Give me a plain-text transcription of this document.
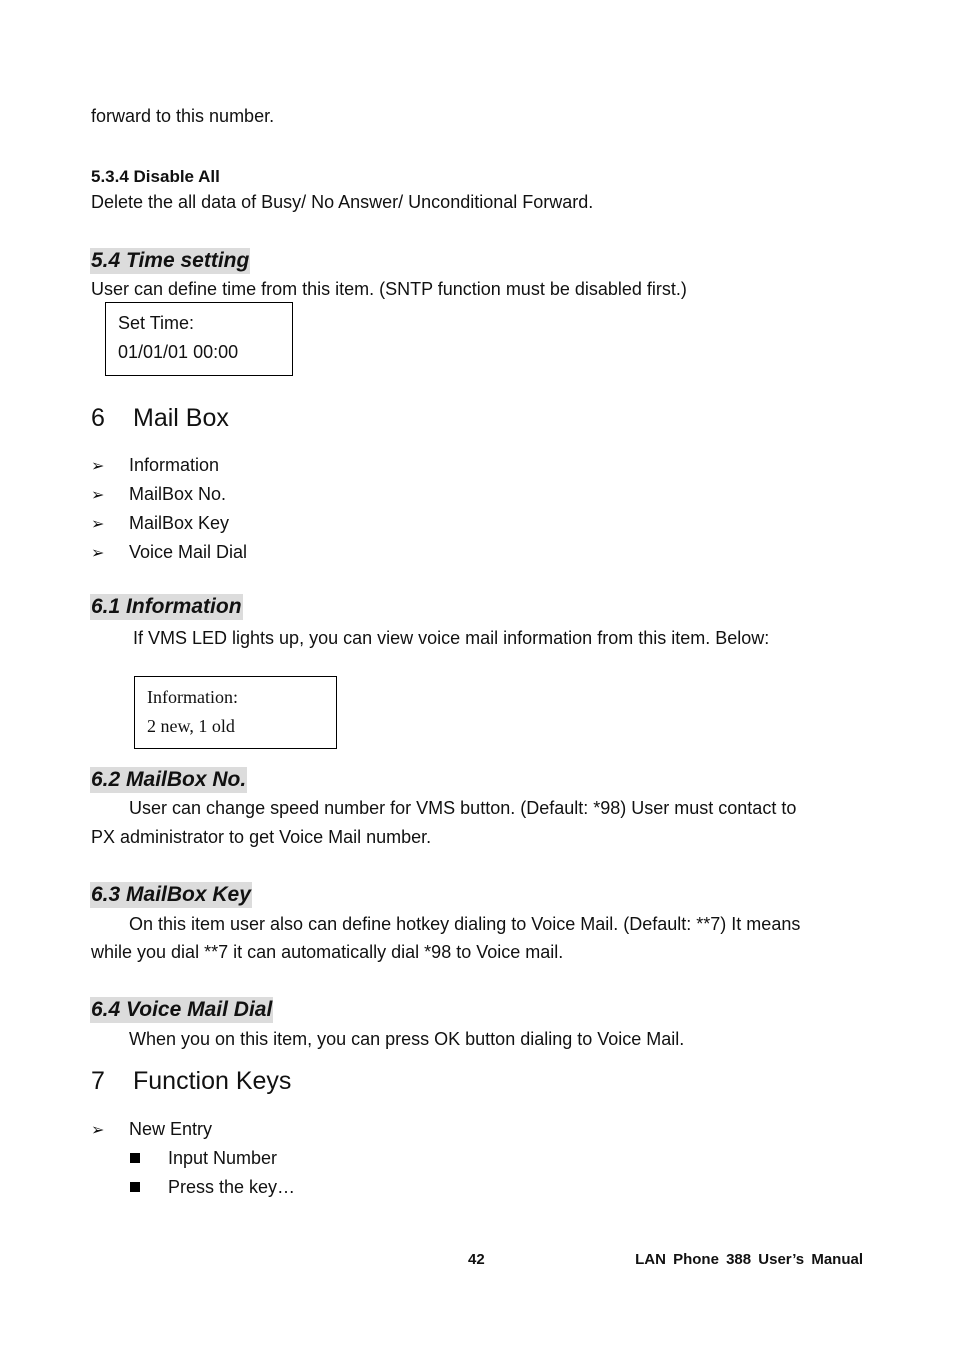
forward to this number.
5.3.4 Disable All
Delete the all data of Busy/ No Answer/ Unconditional Forward.
5.4 Time setting
User can define time from this item. (SNTP function must be disabled first.)
Set Time:
01/01/01 00:00
6 Mail Box
➢ Information
➢ MailBox No.
➢ MailBox Key
➢ Voice Mail Dial
6.1 Information
If VMS LED lights up, you can view voice mail information from this item. Below:
Information:
2 new, 1 old
6.2 MailBox No.
User can change speed number for VMS button. (Default: *98) User must contact to
PX administrator to get Voice Mail number.
6.3 MailBox Key
On this item user also can define hotkey dialing to Voice Mail. (Default: **7) It means
while you dial **7 it can automatically dial *98 to Voice mail.
6.4 Voice Mail Dial
When you on this item, you can press OK button dialing to Voice Mail.
7 Function Keys
➢ New Entry
Input Number
Press the key…
42	LAN Phone 388 User’s Manual
